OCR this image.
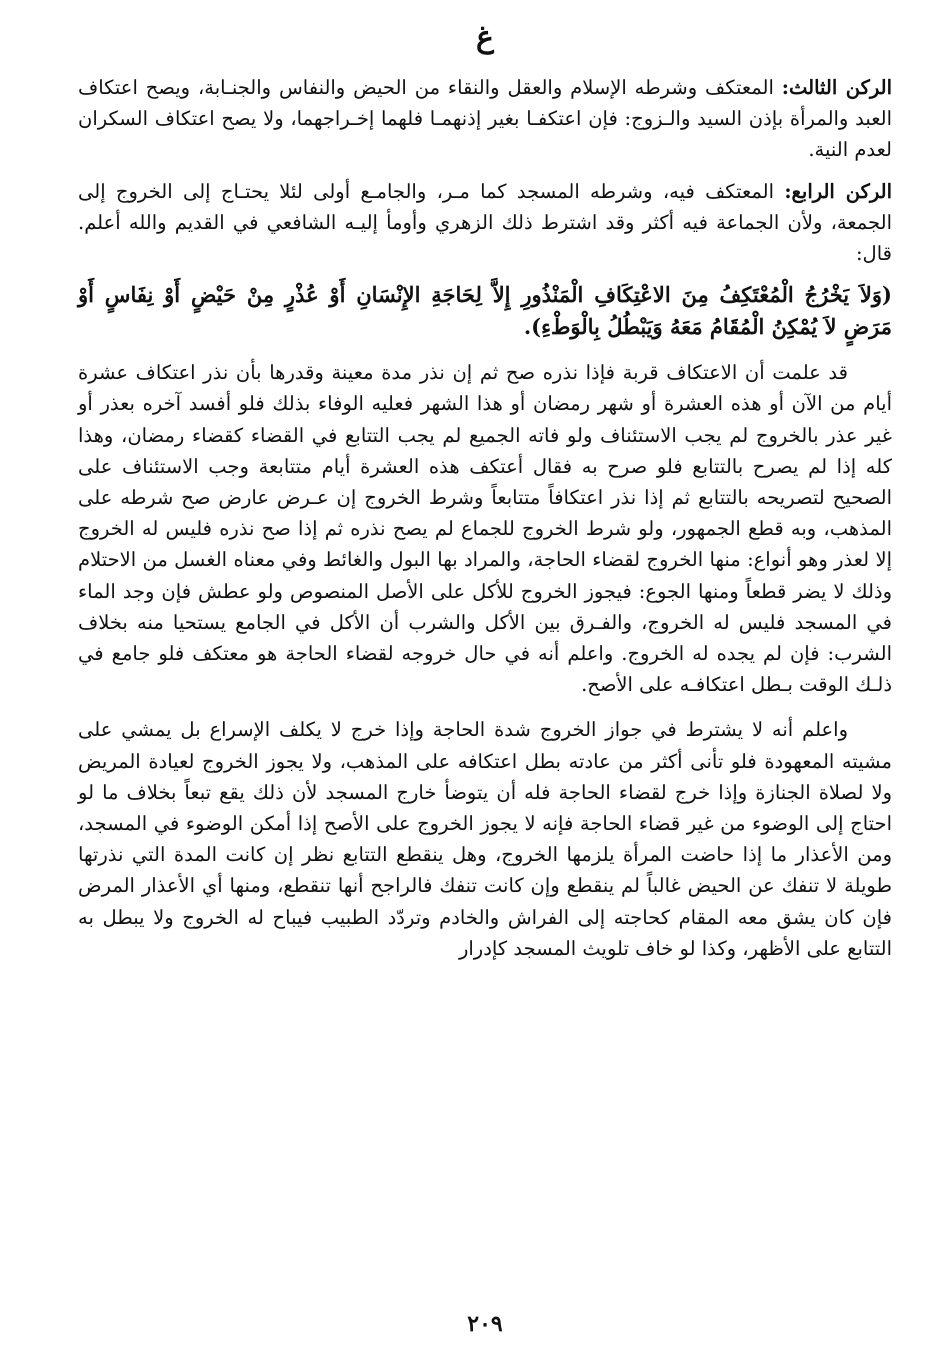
ﻍ

الركن الثالث: المعتكف وشرطه الإسلام والعقل والنقاء من الحيض والنفاس والجنـابة، ويصح اعتكاف العبد والمرأة بإذن السيد والـزوج: فإن اعتكفـا بغير إذنهمـا فلهما إخـراجهما، ولا يصح اعتكاف السكران لعدم النية.

الركن الرابع: المعتكف فيه، وشرطه المسجد كما مـر، والجامـع أولى لئلا يحتـاج إلى الخروج إلى الجمعة، ولأن الجماعة فيه أكثر وقد اشترط ذلك الزهري وأومأ إليـه الشافعي في القديم والله أعلم. قال:

(وَلاَ يَخْرُجُ الْمُعْتَكِفُ مِنَ الاعْتِكَافِ الْمَنْذُورِ إِلاَّ لِحَاجَةِ الإِنْسَانِ أَوْ عُذْرٍ مِنْ حَيْضٍ أَوْ نِفَاسٍ أَوْ مَرَضٍ لاَ يُمْكِنُ الْمُقَامُ مَعَهُ وَيَبْطُلُ بِالْوَطْءِ).

قد علمت أن الاعتكاف قربة فإذا نذره صح ثم إن نذر مدة معينة وقدرها بأن نذر اعتكاف عشرة أيام من الآن أو هذه العشرة أو شهر رمضان أو هذا الشهر فعليه الوفاء بذلك فلو أفسد آخره بعذر أو غير عذر بالخروج لم يجب الاستئناف ولو فاته الجميع لم يجب التتابع في القضاء كقضاء رمضان، وهذا كله إذا لم يصرح بالتتابع فلو صرح به فقال أعتكف هذه العشرة أيام متتابعة وجب الاستئناف على الصحيح لتصريحه بالتتابع ثم إذا نذر اعتكافاً متتابعاً وشرط الخروج إن عـرض عارض صح شرطه على المذهب، وبه قطع الجمهور، ولو شرط الخروج للجماع لم يصح نذره ثم إذا صح نذره فليس له الخروج إلا لعذر وهو أنواع: منها الخروج لقضاء الحاجة، والمراد بها البول والغائط وفي معناه الغسل من الاحتلام وذلك لا يضر قطعاً ومنها الجوع: فيجوز الخروج للأكل على الأصل المنصوص ولو عطش فإن وجد الماء في المسجد فليس له الخروج، والفـرق بين الأكل والشرب أن الأكل في الجامع يستحيا منه بخلاف الشرب: فإن لم يجده له الخروج. واعلم أنه في حال خروجه لقضاء الحاجة هو معتكف فلو جامع في ذلـك الوقت بـطل اعتكافـه على الأصح.

واعلم أنه لا يشترط في جواز الخروج شدة الحاجة وإذا خرج لا يكلف الإسراع بل يمشي على مشيته المعهودة فلو تأنى أكثر من عادته بطل اعتكافه على المذهب، ولا يجوز الخروج لعيادة المريض ولا لصلاة الجنازة وإذا خرج لقضاء الحاجة فله أن يتوضأ خارج المسجد لأن ذلك يقع تبعاً بخلاف ما لو احتاج إلى الوضوء من غير قضاء الحاجة فإنه لا يجوز الخروج على الأصح إذا أمكن الوضوء في المسجد، ومن الأعذار ما إذا حاضت المرأة يلزمها الخروج، وهل ينقطع التتابع نظر إن كانت المدة التي نذرتها طويلة لا تنفك عن الحيض غالباً لم ينقطع وإن كانت تنفك فالراجح أنها تنقطع، ومنها أي الأعذار المرض فإن كان يشق معه المقام كحاجته إلى الفراش والخادم وتردّد الطبيب فيباح له الخروج ولا يبطل به التتابع على الأظهر، وكذا لو خاف تلويث المسجد كإدرار

٢٠٩
